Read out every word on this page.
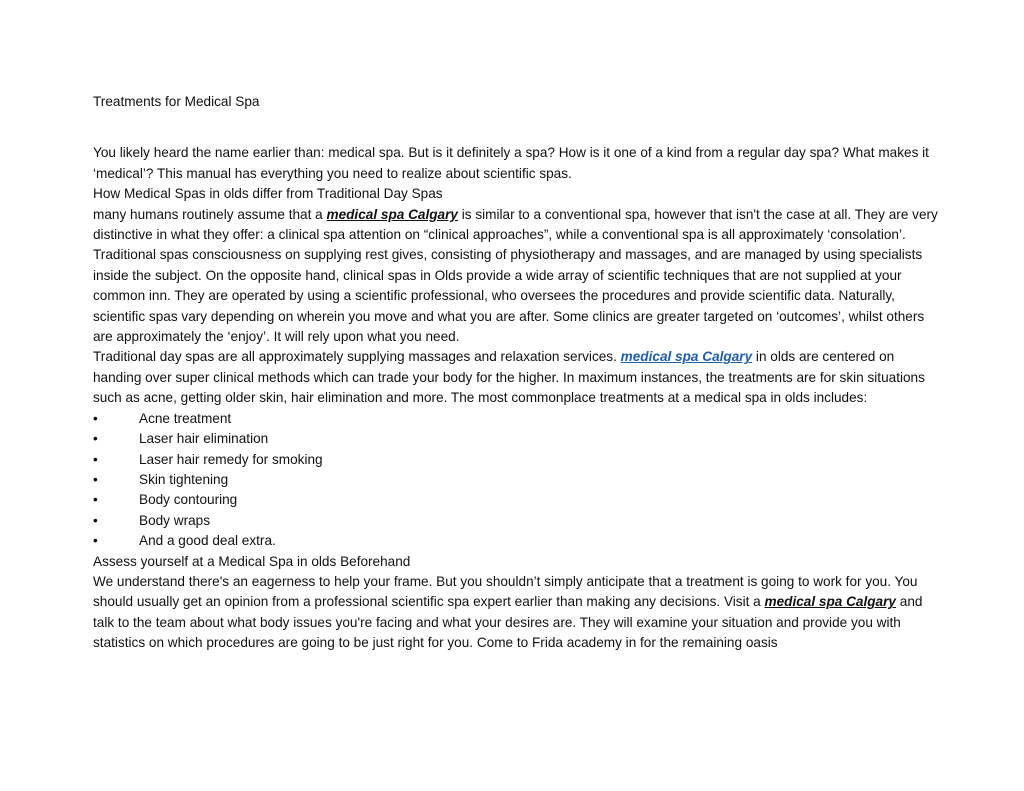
Treatments for Medical Spa

You likely heard the name earlier than: medical spa. But is it definitely a spa? How is it one of a kind from a regular day spa? What makes it ‘medical’? This manual has everything you need to realize about scientific spas.

How Medical Spas in olds differ from Traditional Day Spas

many humans routinely assume that a medical spa Calgary is similar to a conventional spa, however that isn't the case at all. They are very distinctive in what they offer: a clinical spa attention on “clinical approaches”, while a conventional spa is all approximately ‘consolation’. Traditional spas consciousness on supplying rest gives, consisting of physiotherapy and massages, and are managed by using specialists inside the subject. On the opposite hand, clinical spas in Olds provide a wide array of scientific techniques that are not supplied at your common inn. They are operated by using a scientific professional, who oversees the procedures and provide scientific data. Naturally, scientific spas vary depending on wherein you move and what you are after. Some clinics are greater targeted on ‘outcomes’, whilst others are approximately the ‘enjoy’. It will rely upon what you need.

Traditional day spas are all approximately supplying massages and relaxation services. medical spa Calgary in olds are centered on handing over super clinical methods which can trade your body for the higher. In maximum instances, the treatments are for skin situations such as acne, getting older skin, hair elimination and more. The most commonplace treatments at a medical spa in olds includes:

•	Acne treatment
•	Laser hair elimination
•	Laser hair remedy for smoking
•	Skin tightening
•	Body contouring
•	Body wraps
•	And a good deal extra.

Assess yourself at a Medical Spa in olds Beforehand

We understand there's an eagerness to help your frame. But you shouldn’t simply anticipate that a treatment is going to work for you. You should usually get an opinion from a professional scientific spa expert earlier than making any decisions. Visit a medical spa Calgary and talk to the team about what body issues you're facing and what your desires are. They will examine your situation and provide you with statistics on which procedures are going to be just right for you. Come to Frida academy in for the remaining oasis
